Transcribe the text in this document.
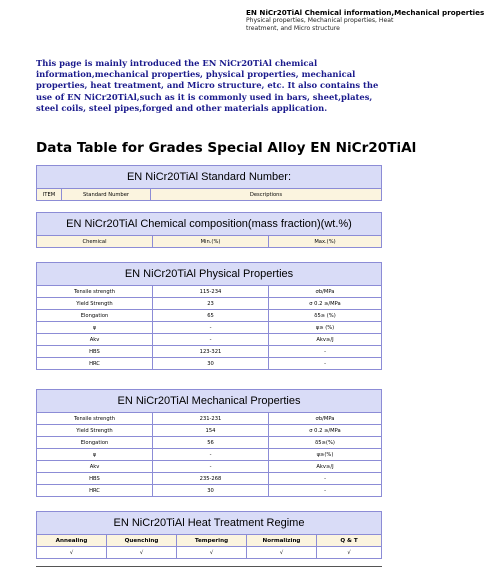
EN NiCr20TiAl Chemical information,Mechanical properties
Physical properties, Mechanical properties, Heat treatment, and Micro structure
This page is mainly introduced the EN NiCr20TiAl chemical information,mechanical properties, physical properties, mechanical properties, heat treatment, and Micro structure, etc. It also contains the use of EN NiCr20TiAl,such as it is commonly used in bars, sheet,plates, steel coils, steel pipes,forged and other materials application.
Data Table for Grades Special Alloy EN NiCr20TiAl
EN NiCr20TiAl Standard Number:
ITEM	Standard Number	Descriptions
EN NiCr20TiAl Chemical composition(mass fraction)(wt.%)
Chemical	Min.(%)	Max.(%)
EN NiCr20TiAl Physical Properties		
Tensile strength	115-234	σb/MPa
Yield Strength	23	σ 0.2 ≥/MPa
Elongation	65	δ5≥ (%)
ψ	-	ψ≥ (%)
Akv	-	Akv≥/J
HBS	123-321	-
HRC	30	-
EN NiCr20TiAl Mechanical Properties		
Tensile strength	231-231	σb/MPa
Yield Strength	154	σ 0.2 ≥/MPa
Elongation	56	δ5≥(%)
ψ	-	ψ≥(%)
Akv	-	Akv≥/J
HBS	235-268	-
HRC	30	-
EN NiCr20TiAl Heat Treatment Regime				
Annealing	Quenching	Tempering	Normalizing	Q & T
√	√	√	√	√
